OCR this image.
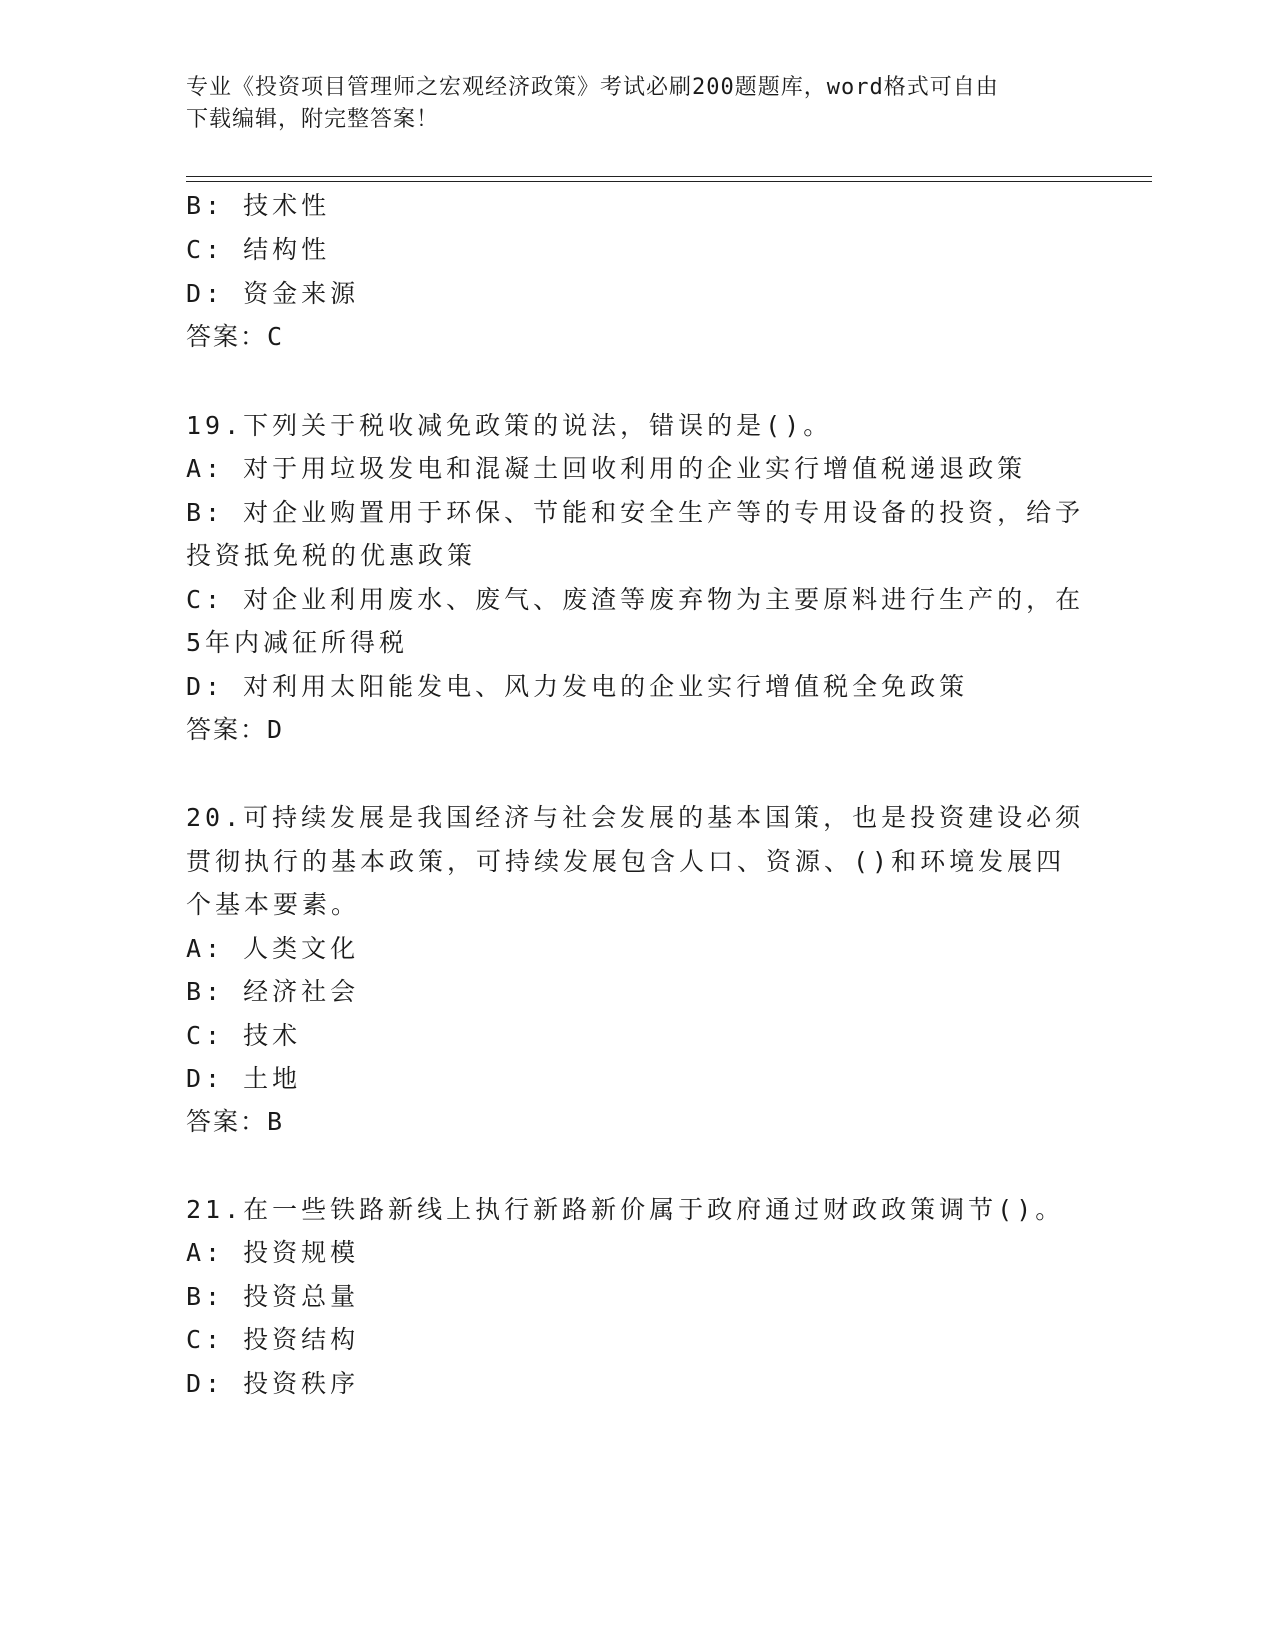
专业《投资项目管理师之宏观经济政策》考试必刷200题题库，word格式可自由
下载编辑，附完整答案！
B: 技术性
C: 结构性
D: 资金来源
答案：C
19.下列关于税收减免政策的说法，错误的是()。
A: 对于用垃圾发电和混凝土回收利用的企业实行增值税递退政策
B: 对企业购置用于环保、节能和安全生产等的专用设备的投资，给予
投资抵免税的优惠政策
C: 对企业利用废水、废气、废渣等废弃物为主要原料进行生产的，在
5年内减征所得税
D: 对利用太阳能发电、风力发电的企业实行增值税全免政策
答案：D
20.可持续发展是我国经济与社会发展的基本国策，也是投资建设必须
贯彻执行的基本政策，可持续发展包含人口、资源、()和环境发展四
个基本要素。
A: 人类文化
B: 经济社会
C: 技术
D: 土地
答案：B
21.在一些铁路新线上执行新路新价属于政府通过财政政策调节()。
A: 投资规模
B: 投资总量
C: 投资结构
D: 投资秩序
